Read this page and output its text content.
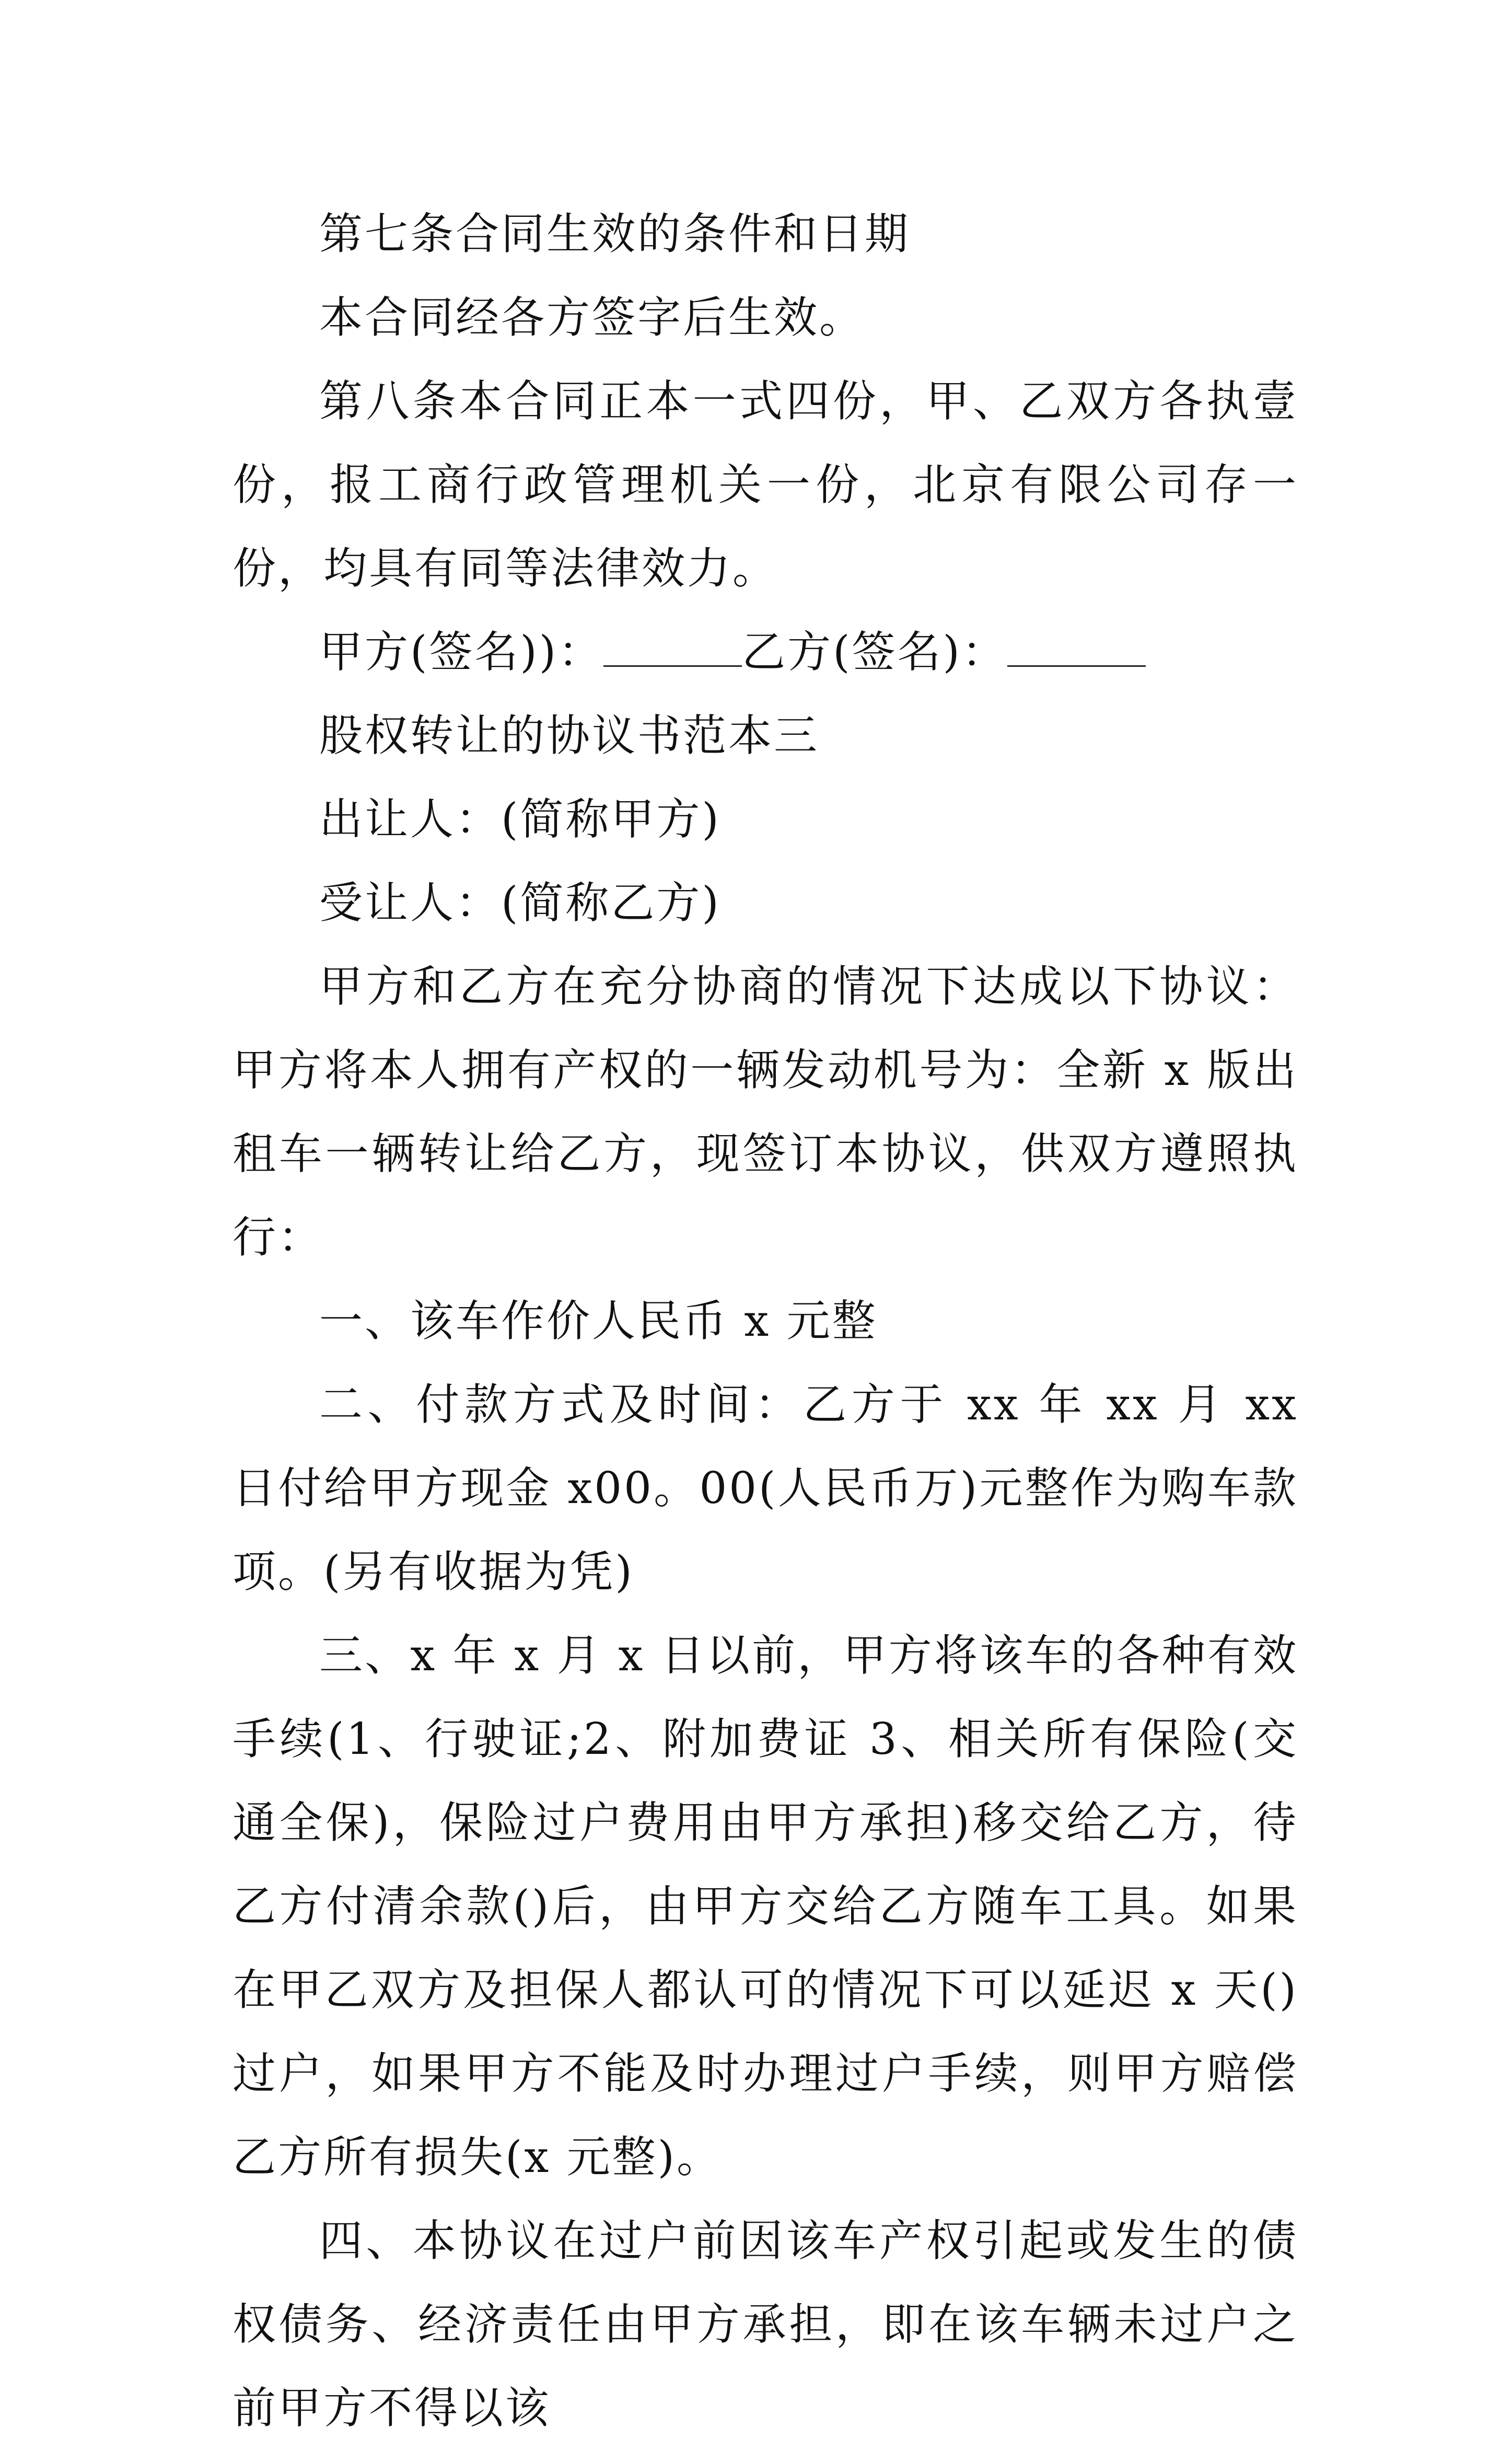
第七条合同生效的条件和日期

本合同经各方签字后生效。

第八条本合同正本一式四份，甲、乙双方各执壹份，报工商行政管理机关一份，北京有限公司存一份，均具有同等法律效力。

甲方(签名))：	乙方(签名)：

股权转让的协议书范本三

出让人：(简称甲方)

受让人：(简称乙方)

甲方和乙方在充分协商的情况下达成以下协议：甲方将本人拥有产权的一辆发动机号为：全新 x 版出租车一辆转让给乙方，现签订本协议，供双方遵照执行：

一、该车作价人民币 x 元整

二、付款方式及时间：乙方于 xx 年 xx 月 xx 日付给甲方现金 x00。00(人民币万)元整作为购车款项。(另有收据为凭)

三、x 年 x 月 x 日以前，甲方将该车的各种有效手续(1、行驶证;2、附加费证 3、相关所有保险(交通全保)，保险过户费用由甲方承担)移交给乙方，待乙方付清余款()后，由甲方交给乙方随车工具。如果在甲乙双方及担保人都认可的情况下可以延迟 x 天()过户，如果甲方不能及时办理过户手续，则甲方赔偿乙方所有损失(x 元整)。

四、本协议在过户前因该车产权引起或发生的债权债务、经济责任由甲方承担，即在该车辆未过户之前甲方不得以该
